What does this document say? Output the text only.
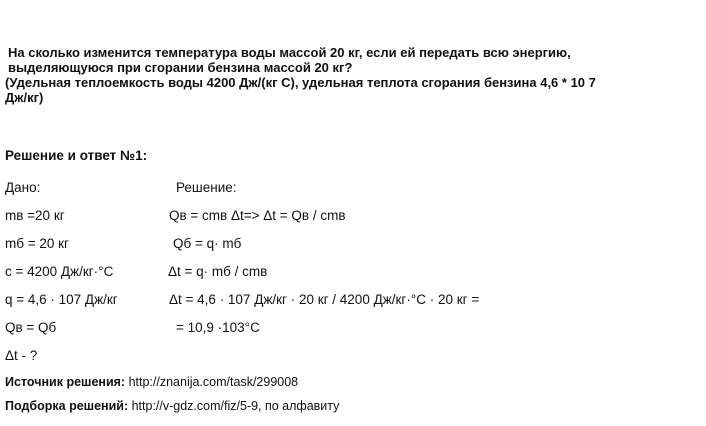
На сколько изменится температура воды массой 20 кг, если ей передать всю энергию,
выделяющуюся при сгорании бензина массой 20 кг?
(Удельная теплоемкость воды 4200 Дж/(кг С), удельная теплота сгорания бензина 4,6 * 10 7
Дж/кг)
Решение и ответ №1:
Дано:
mв =20 кг
mб = 20 кг
c = 4200 Дж/кг·°C
q = 4,6 · 107 Дж/кг
Qв = Qб
Δt - ?
Решение:
Qв = cmв Δt=> Δt = Qв / cmв
Qб = q· mб
Δt = q· mб / cmв
Δt = 4,6 · 107 Дж/кг · 20 кг / 4200 Дж/кг·°C · 20 кг =
= 10,9 ·103°C
Источник решения: http://znanija.com/task/299008
Подборка решений: http://v-gdz.com/fiz/5-9, по алфавиту
